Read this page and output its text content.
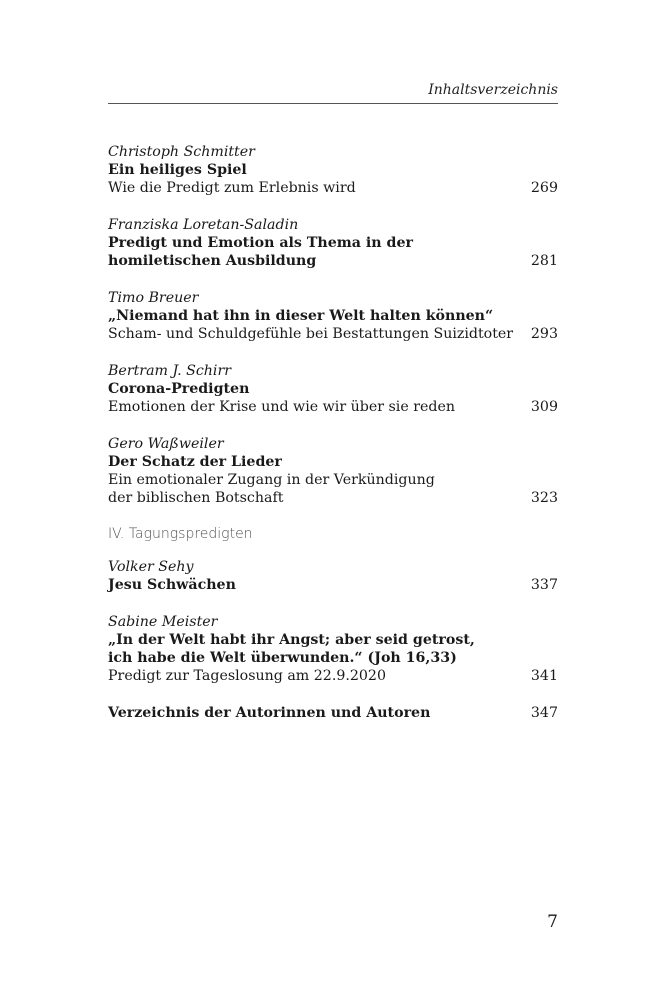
Inhaltsverzeichnis
Christoph Schmitter
Ein heiliges Spiel
Wie die Predigt zum Erlebnis wird	269
Franziska Loretan-Saladin
Predigt und Emotion als Thema in der
homiletischen Ausbildung	281
Timo Breuer
„Niemand hat ihn in dieser Welt halten können“
Scham- und Schuldgefühle bei Bestattungen Suizidtoter	293
Bertram J. Schirr
Corona-Predigten
Emotionen der Krise und wie wir über sie reden	309
Gero Waßweiler
Der Schatz der Lieder
Ein emotionaler Zugang in der Verkündigung
der biblischen Botschaft	323
IV. Tagungspredigten
Volker Sehy
Jesu Schwächen	337
Sabine Meister
„In der Welt habt ihr Angst; aber seid getrost,
ich habe die Welt überwunden.“ (Joh 16,33)
Predigt zur Tageslosung am 22.9.2020	341
Verzeichnis der Autorinnen und Autoren	347
7
